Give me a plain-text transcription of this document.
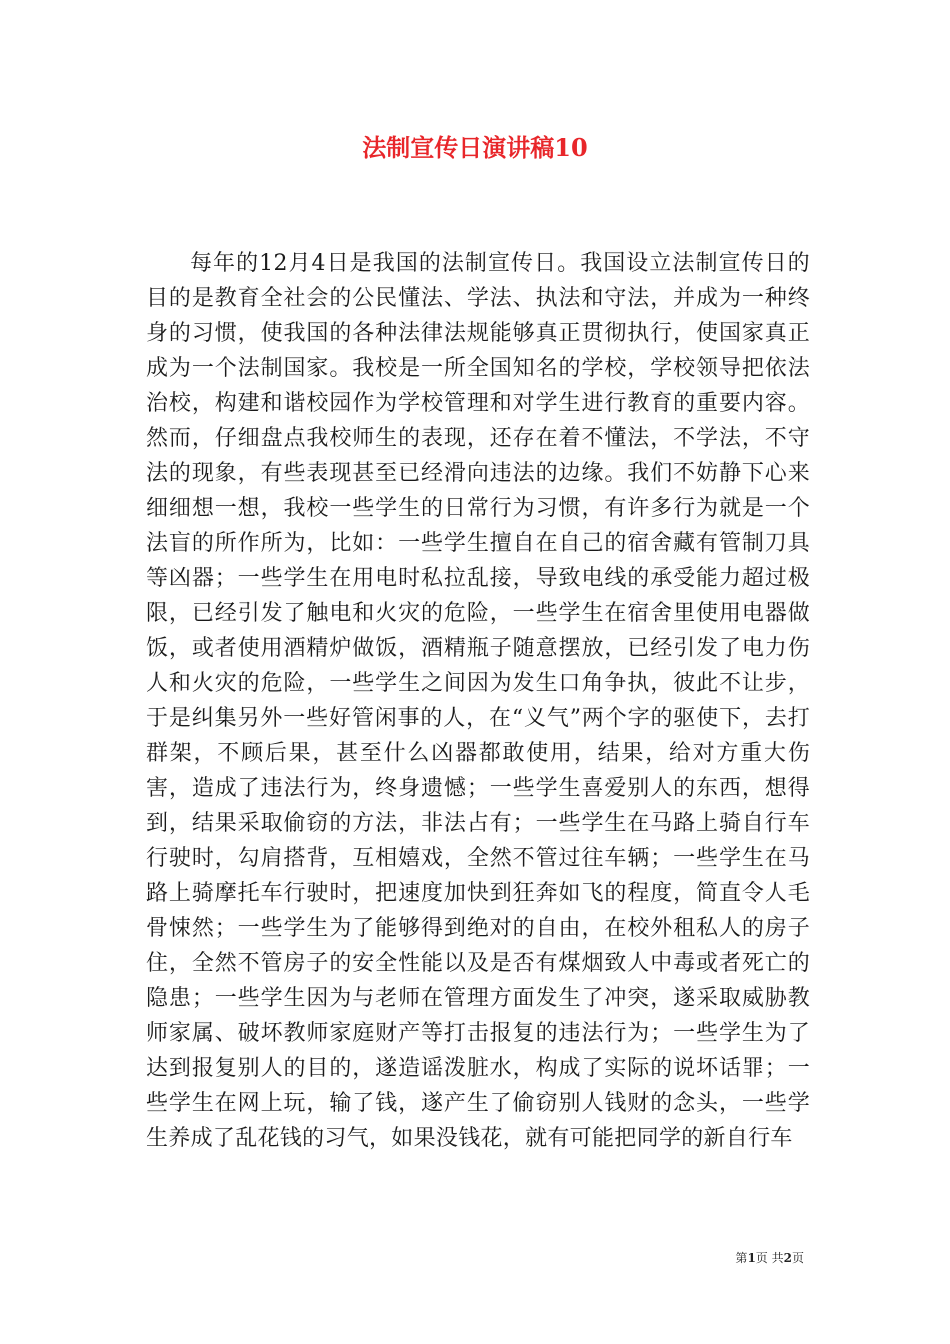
法制宣传日演讲稿10

每年的12月4日是我国的法制宣传日。我国设立法制宣传日的目的是教育全社会的公民懂法、学法、执法和守法，并成为一种终身的习惯，使我国的各种法律法规能够真正贯彻执行，使国家真正成为一个法制国家。我校是一所全国知名的学校，学校领导把依法治校，构建和谐校园作为学校管理和对学生进行教育的重要内容。然而，仔细盘点我校师生的表现，还存在着不懂法，不学法，不守法的现象，有些表现甚至已经滑向违法的边缘。我们不妨静下心来细细想一想，我校一些学生的日常行为习惯，有许多行为就是一个法盲的所作所为，比如：一些学生擅自在自己的宿舍藏有管制刀具等凶器；一些学生在用电时私拉乱接，导致电线的承受能力超过极限，已经引发了触电和火灾的危险，一些学生在宿舍里使用电器做饭，或者使用酒精炉做饭，酒精瓶子随意摆放，已经引发了电力伤人和火灾的危险，一些学生之间因为发生口角争执，彼此不让步，于是纠集另外一些好管闲事的人，在“义气”两个字的驱使下，去打群架，不顾后果，甚至什么凶器都敢使用，结果，给对方重大伤害，造成了违法行为，终身遗憾；一些学生喜爱别人的东西，想得到，结果采取偷窃的方法，非法占有；一些学生在马路上骑自行车行驶时，勾肩搭背，互相嬉戏，全然不管过往车辆；一些学生在马路上骑摩托车行驶时，把速度加快到狂奔如飞的程度，简直令人毛骨悚然；一些学生为了能够得到绝对的自由，在校外租私人的房子住，全然不管房子的安全性能以及是否有煤烟致人中毒或者死亡的隐患；一些学生因为与老师在管理方面发生了冲突，遂采取威胁教师家属、破坏教师家庭财产等打击报复的违法行为；一些学生为了达到报复别人的目的，遂造谣泼脏水，构成了实际的说坏话罪；一些学生在网上玩，输了钱，遂产生了偷窃别人钱财的念头，一些学生养成了乱花钱的习气，如果没钱花，就有可能把同学的新自行车

第1页 共2页
